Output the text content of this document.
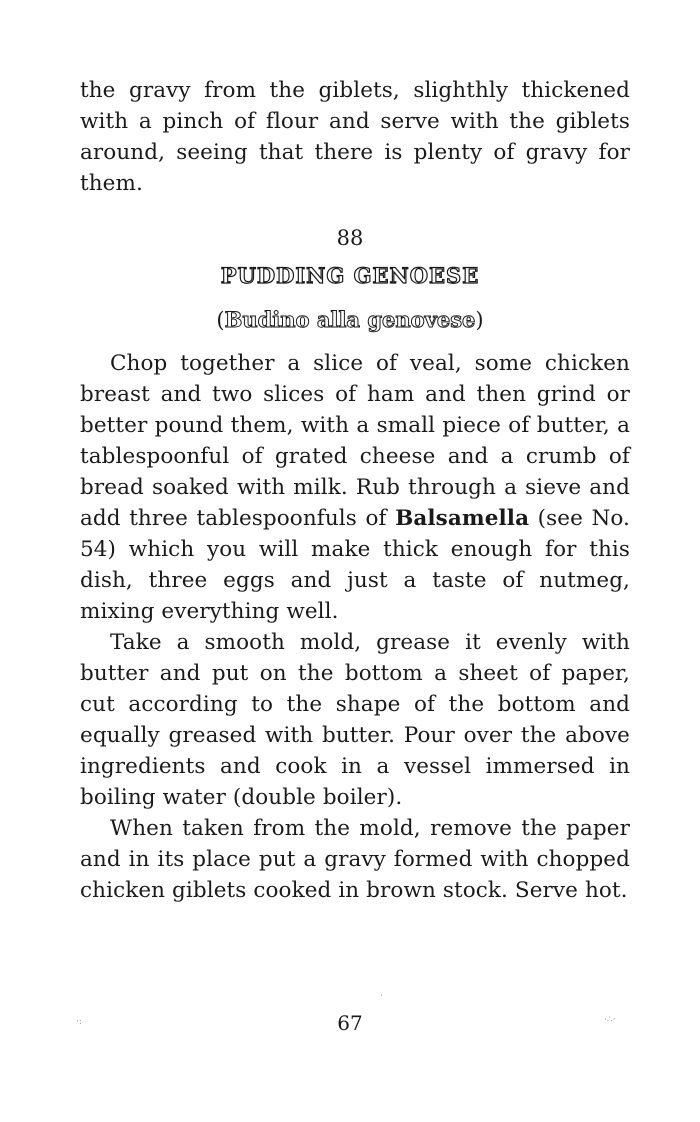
the gravy from the giblets, slighthly thickened with a pinch of flour and serve with the giblets around, seeing that there is plenty of gravy for them.

88
PUDDING GENOESE
(Budino alla genovese)

Chop together a slice of veal, some chicken breast and two slices of ham and then grind or better pound them, with a small piece of butter, a tablespoonful of grated cheese and a crumb of bread soaked with milk. Rub through a sieve and add three tablespoonfuls of Balsamella (see No. 54) which you will make thick enough for this dish, three eggs and just a taste of nutmeg, mixing everything well.

Take a smooth mold, grease it evenly with butter and put on the bottom a sheet of paper, cut according to the shape of the bottom and equally greased with butter. Pour over the above ingredients and cook in a vessel immersed in boiling water (double boiler).

When taken from the mold, remove the paper and in its place put a gravy formed with chopped chicken giblets cooked in brown stock. Serve hot.

67
·:	·∴·
·
